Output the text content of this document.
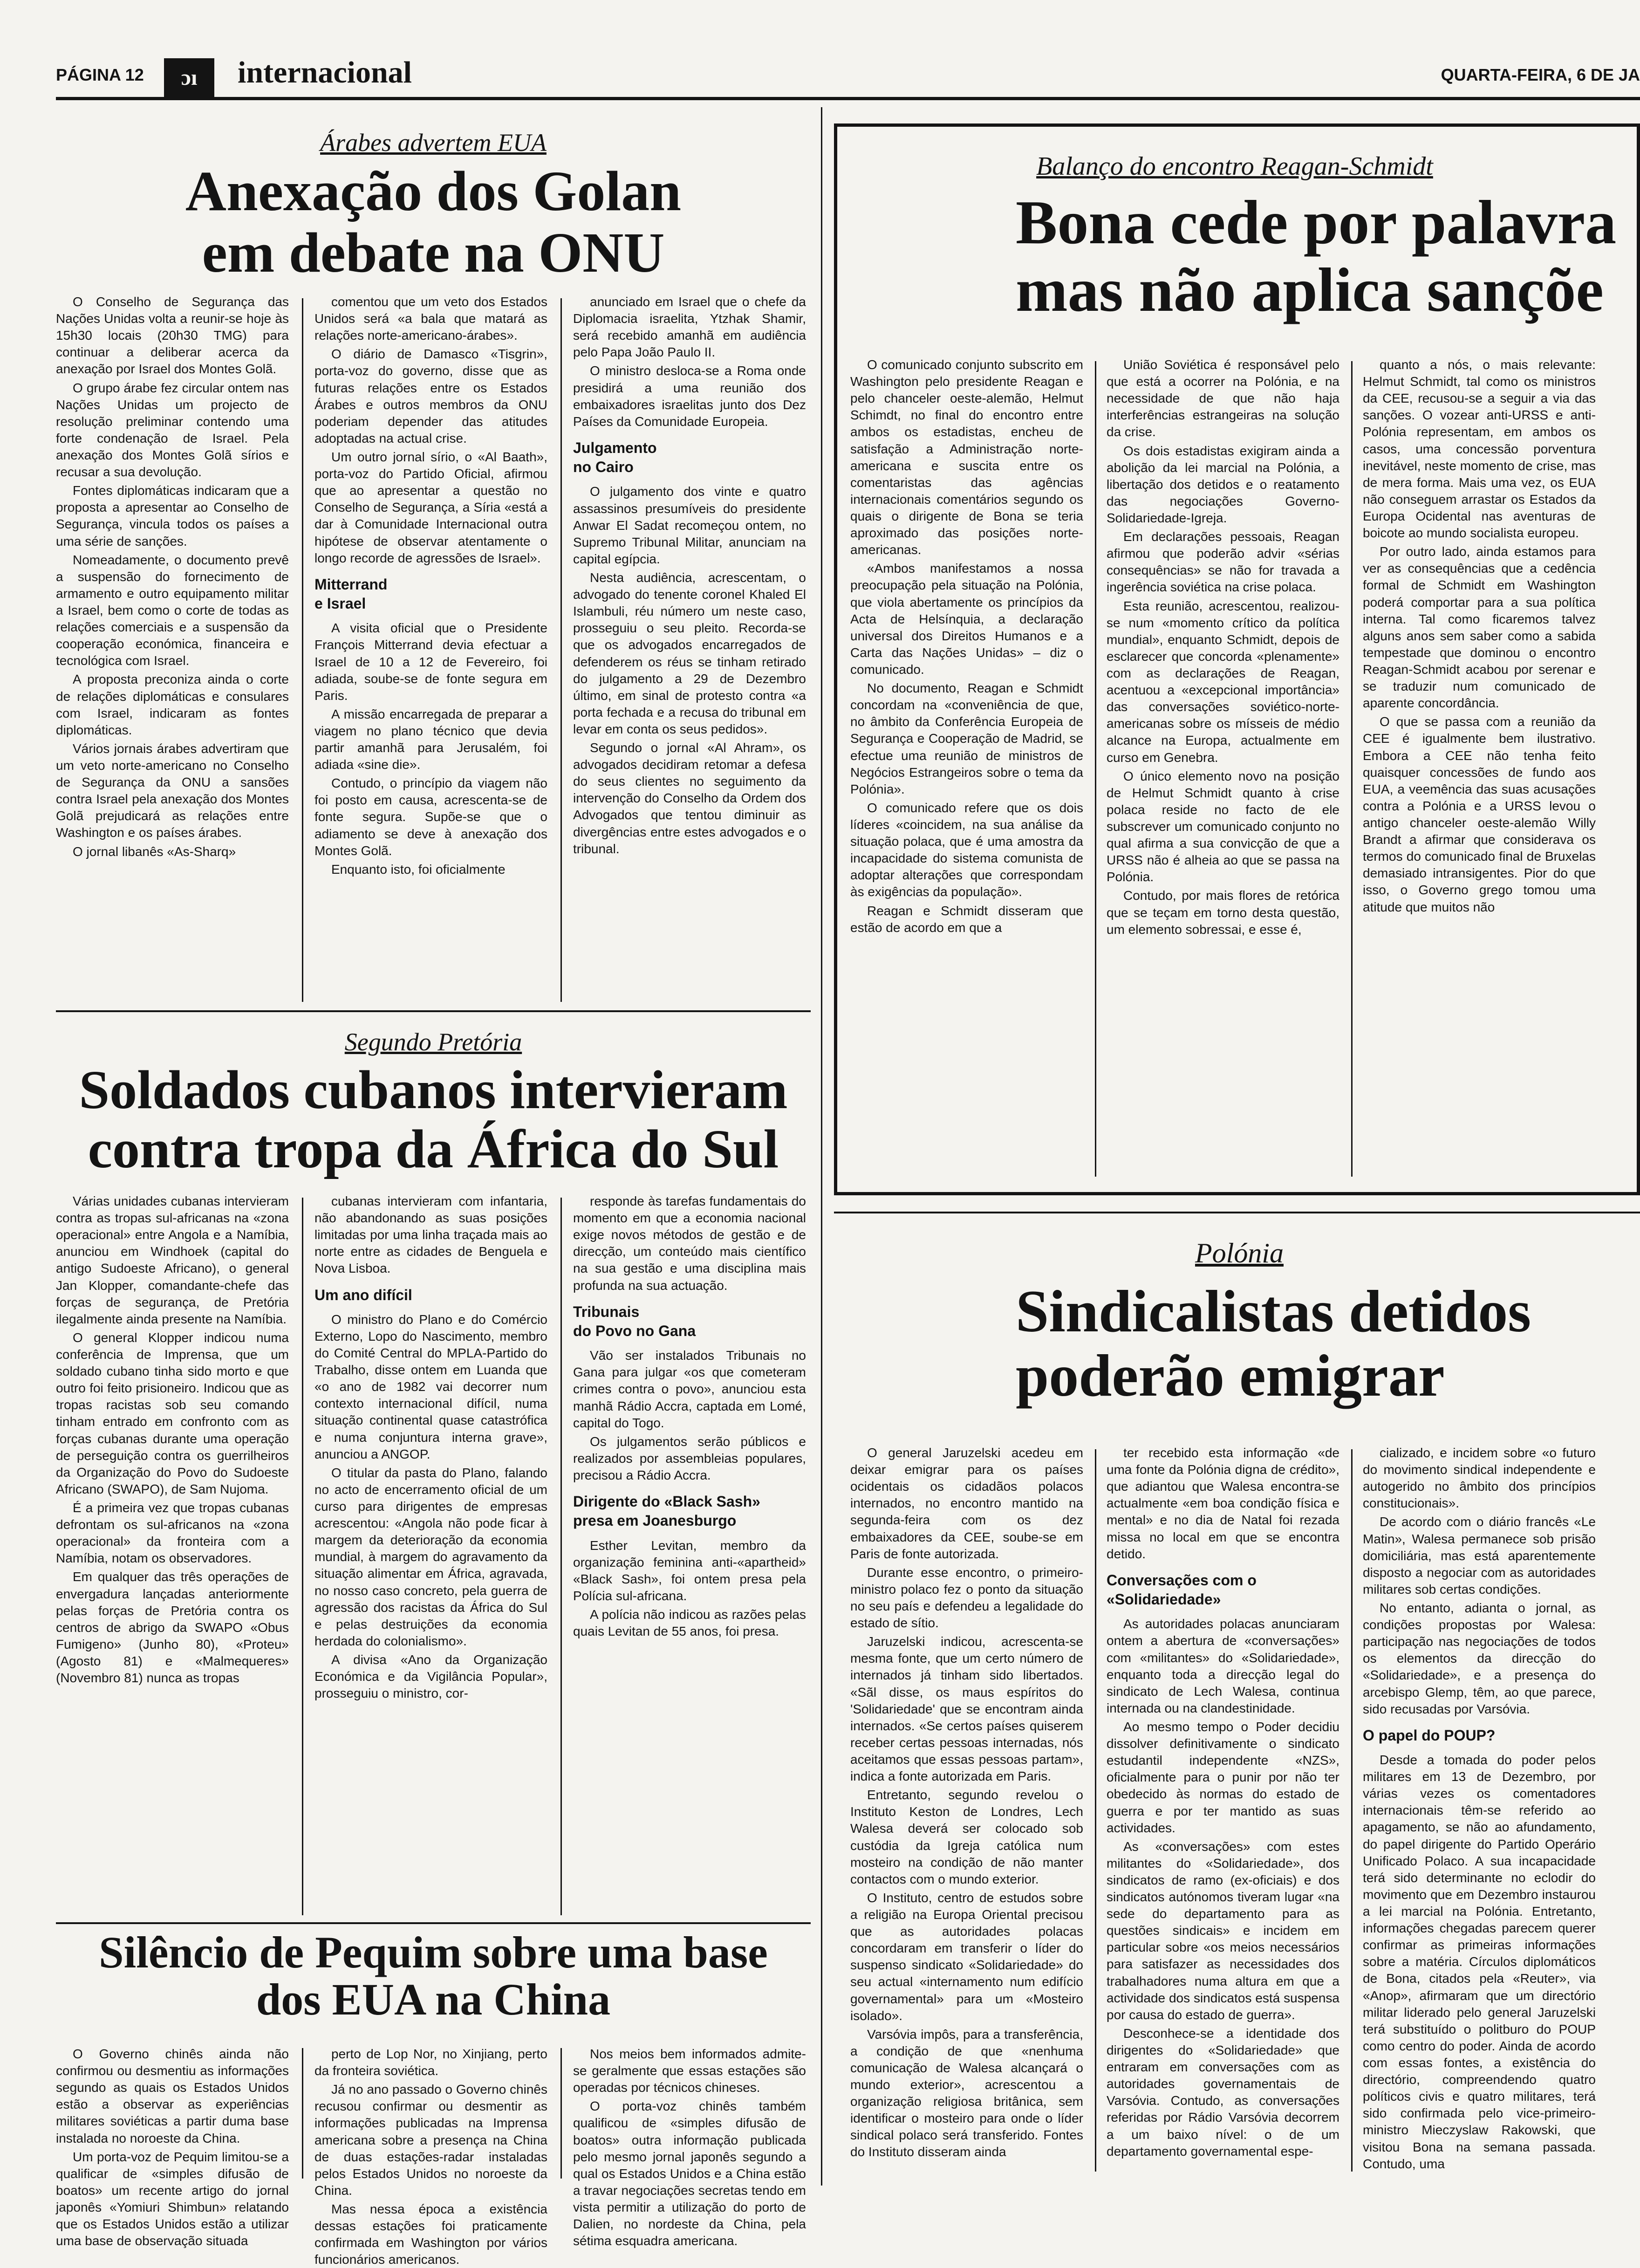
PÁGINA 12	ɔı	internacional	QUARTA-FEIRA, 6 DE JA
Árabes advertem EUA
Anexação dos Golan
em debate na ONU

O Conselho de Segurança das Nações Unidas volta a reunir-se hoje às 15h30 locais (20h30 TMG) para continuar a deliberar acerca da anexação por Israel dos Montes Golã.

O grupo árabe fez circular ontem nas Nações Unidas um projecto de resolução preliminar contendo uma forte condenação de Israel. Pela anexação dos Montes Golã sírios e recusar a sua devolução.

Fontes diplomáticas indicaram que a proposta a apresentar ao Conselho de Segurança, vincula todos os países a uma série de sanções.

Nomeadamente, o documento prevê a suspensão do fornecimento de armamento e outro equipamento militar a Israel, bem como o corte de todas as relações comerciais e a suspensão da cooperação económica, financeira e tecnológica com Israel.

A proposta preconiza ainda o corte de relações diplomáticas e consulares com Israel, indicaram as fontes diplomáticas.

Vários jornais árabes advertiram que um veto norte-americano no Conselho de Segurança da ONU a sansões contra Israel pela anexação dos Montes Golã prejudicará as relações entre Washington e os países árabes.

O jornal libanês «As-Sharq»

comentou que um veto dos Estados Unidos será «a bala que matará as relações norte-americano-árabes».

O diário de Damasco «Tisgrin», porta-voz do governo, disse que as futuras relações entre os Estados Árabes e outros membros da ONU poderiam depender das atitudes adoptadas na actual crise.

Um outro jornal sírio, o «Al Baath», porta-voz do Partido Oficial, afirmou que ao apresentar a questão no Conselho de Segurança, a Síria «está a dar à Comunidade Internacional outra hipótese de observar atentamente o longo recorde de agressões de Israel».

Mitterrand
e Israel

A visita oficial que o Presidente François Mitterrand devia efectuar a Israel de 10 a 12 de Fevereiro, foi adiada, soube-se de fonte segura em Paris.

A missão encarregada de preparar a viagem no plano técnico que devia partir amanhã para Jerusalém, foi adiada «sine die».

Contudo, o princípio da viagem não foi posto em causa, acrescenta-se de fonte segura. Supõe-se que o adiamento se deve à anexação dos Montes Golã.

Enquanto isto, foi oficialmente

anunciado em Israel que o chefe da Diplomacia israelita, Ytzhak Shamir, será recebido amanhã em audiência pelo Papa João Paulo II.

O ministro desloca-se a Roma onde presidirá a uma reunião dos embaixadores israelitas junto dos Dez Países da Comunidade Europeia.

Julgamento
no Cairo

O julgamento dos vinte e quatro assassinos presumíveis do presidente Anwar El Sadat recomeçou ontem, no Supremo Tribunal Militar, anunciam na capital egípcia.

Nesta audiência, acrescentam, o advogado do tenente coronel Khaled El Islambuli, réu número um neste caso, prosseguiu o seu pleito. Recorda-se que os advogados encarregados de defenderem os réus se tinham retirado do julgamento a 29 de Dezembro último, em sinal de protesto contra «a porta fechada e a recusa do tribunal em levar em conta os seus pedidos».

Segundo o jornal «Al Ahram», os advogados decidiram retomar a defesa do seus clientes no seguimento da intervenção do Conselho da Ordem dos Advogados que tentou diminuir as divergências entre estes advogados e o tribunal.

Balanço do encontro Reagan-Schmidt
Bona cede por palavra
mas não aplica sançõe

O comunicado conjunto subscrito em Washington pelo presidente Reagan e pelo chanceler oeste-alemão, Helmut Schimdt, no final do encontro entre ambos os estadistas, encheu de satisfação a Administração norte-americana e suscita entre os comentaristas das agências internacionais comentários segundo os quais o dirigente de Bona se teria aproximado das posições norte-americanas.

«Ambos manifestamos a nossa preocupação pela situação na Polónia, que viola abertamente os princípios da Acta de Helsínquia, a declaração universal dos Direitos Humanos e a Carta das Nações Unidas» – diz o comunicado.

No documento, Reagan e Schmidt concordam na «conveniência de que, no âmbito da Conferência Europeia de Segurança e Cooperação de Madrid, se efectue uma reunião de ministros de Negócios Estrangeiros sobre o tema da Polónia».

O comunicado refere que os dois líderes «coincidem, na sua análise da situação polaca, que é uma amostra da incapacidade do sistema comunista de adoptar alterações que correspondam às exigências da população».

Reagan e Schmidt disseram que estão de acordo em que a

União Soviética é responsável pelo que está a ocorrer na Polónia, e na necessidade de que não haja interferências estrangeiras na solução da crise.

Os dois estadistas exigiram ainda a abolição da lei marcial na Polónia, a libertação dos detidos e o reatamento das negociações Governo-Solidariedade-Igreja.

Em declarações pessoais, Reagan afirmou que poderão advir «sérias consequências» se não for travada a ingerência soviética na crise polaca.

Esta reunião, acrescentou, realizou-se num «momento crítico da política mundial», enquanto Schmidt, depois de esclarecer que concorda «plenamente» com as declarações de Reagan, acentuou a «excepcional importância» das conversações soviético-norte-americanas sobre os mísseis de médio alcance na Europa, actualmente em curso em Genebra.

O único elemento novo na posição de Helmut Schmidt quanto à crise polaca reside no facto de ele subscrever um comunicado conjunto no qual afirma a sua convicção de que a URSS não é alheia ao que se passa na Polónia.

Contudo, por mais flores de retórica que se teçam em torno desta questão, um elemento sobressai, e esse é,

quanto a nós, o mais relevante: Helmut Schmidt, tal como os ministros da CEE, recusou-se a seguir a via das sanções. O vozear anti-URSS e anti-Polónia representam, em ambos os casos, uma concessão porventura inevitável, neste momento de crise, mas de mera forma. Mais uma vez, os EUA não conseguem arrastar os Estados da Europa Ocidental nas aventuras de boicote ao mundo socialista europeu.

Por outro lado, ainda estamos para ver as consequências que a cedência formal de Schmidt em Washington poderá comportar para a sua política interna. Tal como ficaremos talvez alguns anos sem saber como a sabida tempestade que dominou o encontro Reagan-Schmidt acabou por serenar e se traduzir num comunicado de aparente concordância.

O que se passa com a reunião da CEE é igualmente bem ilustrativo. Embora a CEE não tenha feito quaisquer concessões de fundo aos EUA, a veemência das suas acusações contra a Polónia e a URSS levou o antigo chanceler oeste-alemão Willy Brandt a afirmar que considerava os termos do comunicado final de Bruxelas demasiado intransigentes. Pior do que isso, o Governo grego tomou uma atitude que muitos não

Segundo Pretória
Soldados cubanos intervieram
contra tropa da África do Sul

Várias unidades cubanas intervieram contra as tropas sul-africanas na «zona operacional» entre Angola e a Namíbia, anunciou em Windhoek (capital do antigo Sudoeste Africano), o general Jan Klopper, comandante-chefe das forças de segurança, de Pretória ilegalmente ainda presente na Namíbia.

O general Klopper indicou numa conferência de Imprensa, que um soldado cubano tinha sido morto e que outro foi feito prisioneiro. Indicou que as tropas racistas sob seu comando tinham entrado em confronto com as forças cubanas durante uma operação de perseguição contra os guerrilheiros da Organização do Povo do Sudoeste Africano (SWAPO), de Sam Nujoma.

É a primeira vez que tropas cubanas defrontam os sul-africanos na «zona operacional» da fronteira com a Namíbia, notam os observadores.

Em qualquer das três operações de envergadura lançadas anteriormente pelas forças de Pretória contra os centros de abrigo da SWAPO «Obus Fumigeno» (Junho 80), «Proteu» (Agosto 81) e «Malmequeres» (Novembro 81) nunca as tropas

cubanas intervieram com infantaria, não abandonando as suas posições limitadas por uma linha traçada mais ao norte entre as cidades de Benguela e Nova Lisboa.

Um ano difícil

O ministro do Plano e do Comércio Externo, Lopo do Nascimento, membro do Comité Central do MPLA-Partido do Trabalho, disse ontem em Luanda que «o ano de 1982 vai decorrer num contexto internacional difícil, numa situação continental quase catastrófica e numa conjuntura interna grave», anunciou a ANGOP.

O titular da pasta do Plano, falando no acto de encerramento oficial de um curso para dirigentes de empresas acrescentou: «Angola não pode ficar à margem da deterioração da economia mundial, à margem do agravamento da situação alimentar em África, agravada, no nosso caso concreto, pela guerra de agressão dos racistas da África do Sul e pelas destruições da economia herdada do colonialismo».

A divisa «Ano da Organização Económica e da Vigilância Popular», prosseguiu o ministro, cor-

responde às tarefas fundamentais do momento em que a economia nacional exige novos métodos de gestão e de direcção, um conteúdo mais científico na sua gestão e uma disciplina mais profunda na sua actuação.

Tribunais
do Povo no Gana

Vão ser instalados Tribunais no Gana para julgar «os que cometeram crimes contra o povo», anunciou esta manhã Rádio Accra, captada em Lomé, capital do Togo.

Os julgamentos serão públicos e realizados por assembleias populares, precisou a Rádio Accra.

Dirigente do «Black Sash»
presa em Joanesburgo

Esther Levitan, membro da organização feminina anti-«apartheid» «Black Sash», foi ontem presa pela Polícia sul-africana.

A polícia não indicou as razões pelas quais Levitan de 55 anos, foi presa.

Polónia
Sindicalistas detidos
poderão emigrar

O general Jaruzelski acedeu em deixar emigrar para os países ocidentais os cidadãos polacos internados, no encontro mantido na segunda-feira com os dez embaixadores da CEE, soube-se em Paris de fonte autorizada.

Durante esse encontro, o primeiro-ministro polaco fez o ponto da situação no seu país e defendeu a legalidade do estado de sítio.

Jaruzelski indicou, acrescenta-se mesma fonte, que um certo número de internados já tinham sido libertados. «Sãl disse, os maus espíritos do 'Solidariedade' que se encontram ainda internados. «Se certos países quiserem receber certas pessoas internadas, nós aceitamos que essas pessoas partam», indica a fonte autorizada em Paris.

Entretanto, segundo revelou o Instituto Keston de Londres, Lech Walesa deverá ser colocado sob custódia da Igreja católica num mosteiro na condição de não manter contactos com o mundo exterior.

O Instituto, centro de estudos sobre a religião na Europa Oriental precisou que as autoridades polacas concordaram em transferir o líder do suspenso sindicato «Solidariedade» do seu actual «internamento num edifício governamental» para um «Mosteiro isolado».

Varsóvia impôs, para a transferência, a condição de que «nenhuma comunicação de Walesa alcançará o mundo exterior», acrescentou a organização religiosa britânica, sem identificar o mosteiro para onde o líder sindical polaco será transferido. Fontes do Instituto disseram ainda

ter recebido esta informação «de uma fonte da Polónia digna de crédito», que adiantou que Walesa encontra-se actualmente «em boa condição física e mental» e no dia de Natal foi rezada missa no local em que se encontra detido.

Conversações com o
«Solidariedade»

As autoridades polacas anunciaram ontem a abertura de «conversações» com «militantes» do «Solidariedade», enquanto toda a direcção legal do sindicato de Lech Walesa, continua internada ou na clandestinidade.

Ao mesmo tempo o Poder decidiu dissolver definitivamente o sindicato estudantil independente «NZS», oficialmente para o punir por não ter obedecido às normas do estado de guerra e por ter mantido as suas actividades.

As «conversações» com estes militantes do «Solidariedade», dos sindicatos de ramo (ex-oficiais) e dos sindicatos autónomos tiveram lugar «na sede do departamento para as questões sindicais» e incidem em particular sobre «os meios necessários para satisfazer as necessidades dos trabalhadores numa altura em que a actividade dos sindicatos está suspensa por causa do estado de guerra».

Desconhece-se a identidade dos dirigentes do «Solidariedade» que entraram em conversações com as autoridades governamentais de Varsóvia. Contudo, as conversações referidas por Rádio Varsóvia decorrem a um baixo nível: o de um departamento governamental espe-

cializado, e incidem sobre «o futuro do movimento sindical independente e autogerido no âmbito dos princípios constitucionais».

De acordo com o diário francês «Le Matin», Walesa permanece sob prisão domiciliária, mas está aparentemente disposto a negociar com as autoridades militares sob certas condições.

No entanto, adianta o jornal, as condições propostas por Walesa: participação nas negociações de todos os elementos da direcção do «Solidariedade», e a presença do arcebispo Glemp, têm, ao que parece, sido recusadas por Varsóvia.

O papel do POUP?

Desde a tomada do poder pelos militares em 13 de Dezembro, por várias vezes os comentadores internacionais têm-se referido ao apagamento, se não ao afundamento, do papel dirigente do Partido Operário Unificado Polaco. A sua incapacidade terá sido determinante no eclodir do movimento que em Dezembro instaurou a lei marcial na Polónia. Entretanto, informações chegadas parecem querer confirmar as primeiras informações sobre a matéria. Círculos diplomáticos de Bona, citados pela «Reuter», via «Anop», afirmaram que um directório militar liderado pelo general Jaruzelski terá substituído o politburo do POUP como centro do poder. Ainda de acordo com essas fontes, a existência do directório, compreendendo quatro políticos civis e quatro militares, terá sido confirmada pelo vice-primeiro-ministro Mieczyslaw Rakowski, que visitou Bona na semana passada. Contudo, uma

Silêncio de Pequim sobre uma base
dos EUA na China

O Governo chinês ainda não confirmou ou desmentiu as informações segundo as quais os Estados Unidos estão a observar as experiências militares soviéticas a partir duma base instalada no noroeste da China.

Um porta-voz de Pequim limitou-se a qualificar de «simples difusão de boatos» um recente artigo do jornal japonês «Yomiuri Shimbun» relatando que os Estados Unidos estão a utilizar uma base de observação situada

perto de Lop Nor, no Xinjiang, perto da fronteira soviética.

Já no ano passado o Governo chinês recusou confirmar ou desmentir as informações publicadas na Imprensa americana sobre a presença na China de duas estações-radar instaladas pelos Estados Unidos no noroeste da China.

Mas nessa época a existência dessas estações foi praticamente confirmada em Washington por vários funcionários americanos.

Nos meios bem informados admite-se geralmente que essas estações são operadas por técnicos chineses.

O porta-voz chinês também qualificou de «simples difusão de boatos» outra informação publicada pelo mesmo jornal japonês segundo a qual os Estados Unidos e a China estão a travar negociações secretas tendo em vista permitir a utilização do porto de Dalien, no nordeste da China, pela sétima esquadra americana.
